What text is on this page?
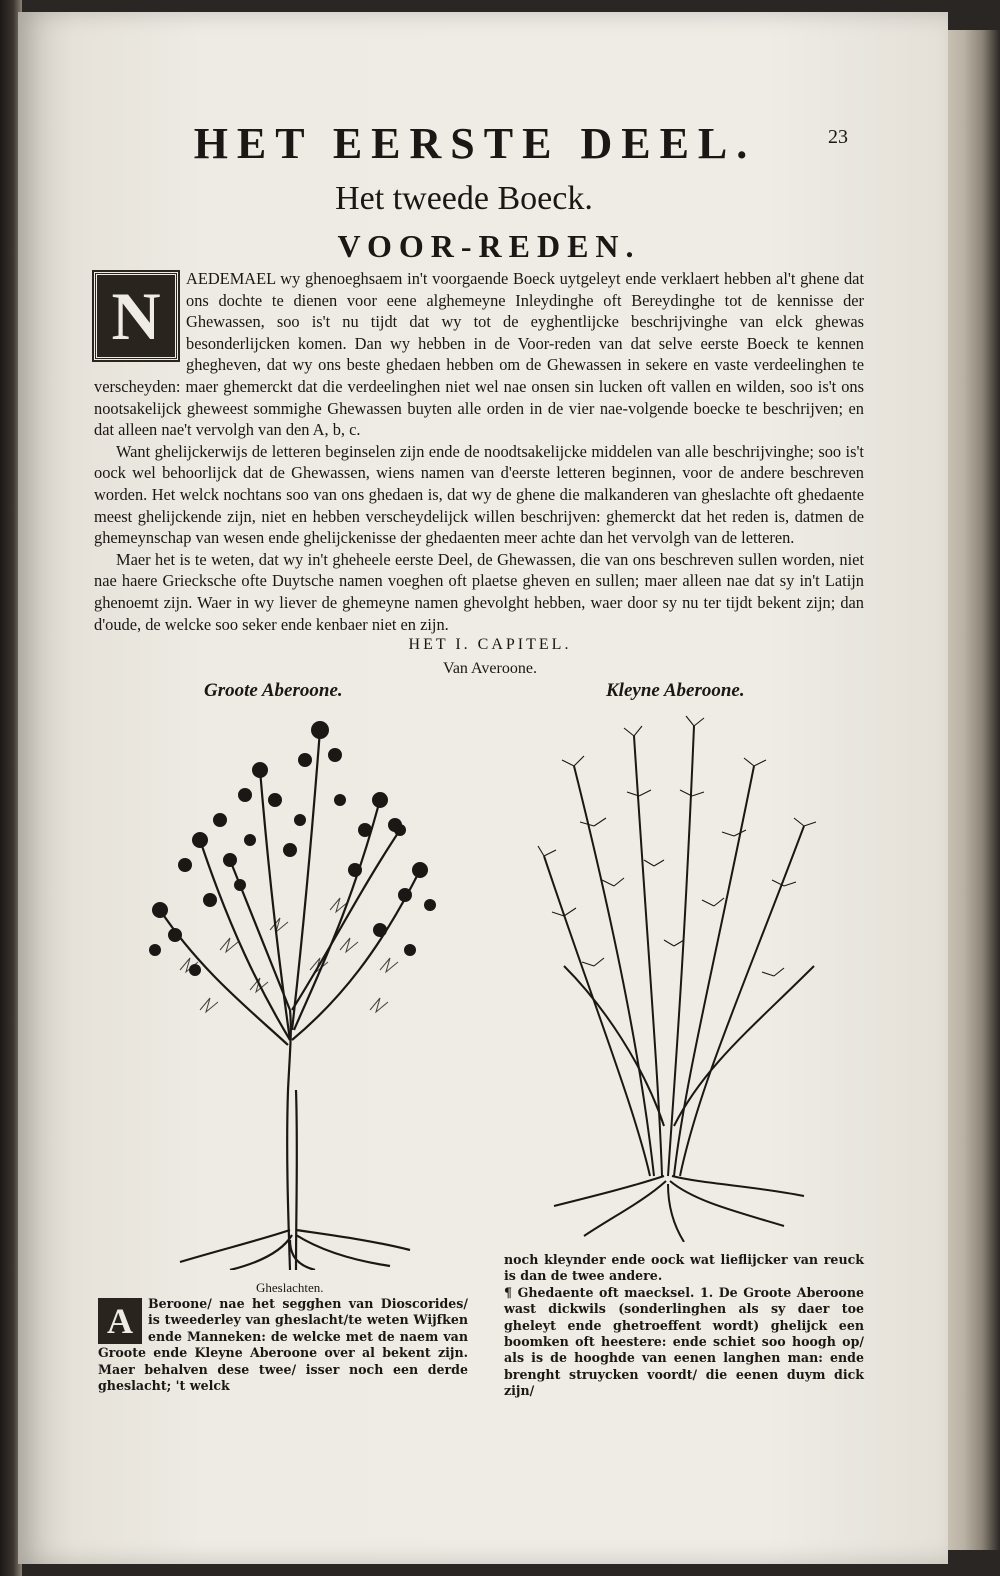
HET EERSTE DEEL.	23
Het tweede Boeck.
VOOR-REDEN.
N	AEDEMAEL wy ghenoeghsaem in't voorgaende Boeck uytgeleyt ende verklaert hebben al't ghene dat ons dochte te dienen voor eene alghemeyne Inleydinghe oft Bereydinghe tot de kennisse der Ghewassen, soo is't nu tijdt dat wy tot de eyghentlijcke beschrijvinghe van elck ghewas besonderlijcken komen. Dan wy hebben in de Voor-reden van dat selve eerste Boeck te kennen ghegheven, dat wy ons beste ghedaen hebben om de Ghewassen in sekere en vaste verdeelinghen te verscheyden: maer ghemerckt dat die verdeelinghen niet wel nae onsen sin lucken oft vallen en wilden, soo is't ons nootsakelijck gheweest sommighe Ghewassen buyten alle orden in de vier nae-volgende boecke te beschrijven; en dat alleen nae't vervolgh van den A, b, c.

Want ghelijckerwijs de letteren beginselen zijn ende de noodtsakelijcke middelen van alle beschrijvinghe; soo is't oock wel behoorlijck dat de Ghewassen, wiens namen van d'eerste letteren beginnen, voor de andere beschreven worden. Het welck nochtans soo van ons ghedaen is, dat wy de ghene die malkanderen van gheslachte oft ghedaente meest ghelijckende zijn, niet en hebben verscheydelijck willen beschrijven: ghemerckt dat het reden is, datmen de ghemeynschap van wesen ende ghelijckenisse der ghedaenten meer achte dan het vervolgh van de letteren.

Maer het is te weten, dat wy in't gheheele eerste Deel, de Ghewassen, die van ons beschreven sullen worden, niet nae haere Griecksche ofte Duytsche namen voeghen oft plaetse gheven en sullen; maer alleen nae dat sy in't Latijn ghenoemt zijn. Waer in wy liever de ghemeyne namen ghevolght hebben, waer door sy nu ter tijdt bekent zijn; dan d'oude, de welcke soo seker ende kenbaer niet en zijn.

HET I. CAPITEL.
Van Averoone.
Groote Aberoone.	Kleyne Aberoone.
Gheslachten.
A	Beroone/ nae het segghen van Dioscorides/ is tweederley van gheslacht/te weten Wijfken ende Manneken: de welcke met de naem van Groote ende Kleyne Aberoone over al bekent zijn. Maer behalven dese twee/ isser noch een derde gheslacht; 't welck

noch kleynder ende oock wat lieflijcker van reuck is dan de twee andere.

¶ Ghedaente oft maecksel. 1. De Groote Aberoone wast dickwils (sonderlinghen als sy daer toe gheleyt ende ghetroeffent wordt) ghelijck een boomken oft heestere: ende schiet soo hoogh op/ als is de hooghde van eenen langhen man: ende brenght struycken voordt/ die eenen duym dick zijn/
